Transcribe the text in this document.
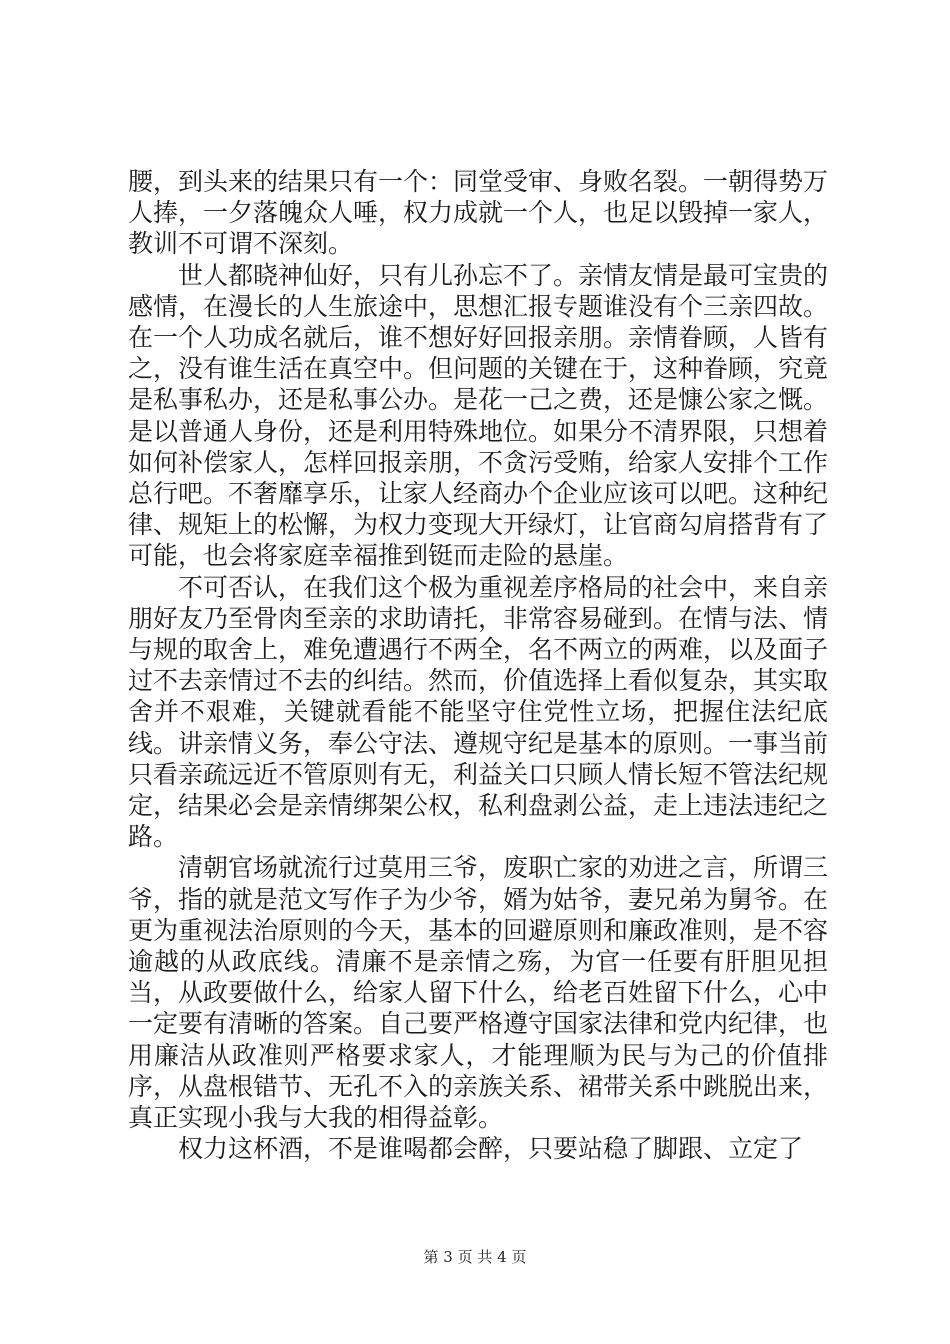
腰，到头来的结果只有一个：同堂受审、身败名裂。一朝得势万人捧，一夕落魄众人唾，权力成就一个人，也足以毁掉一家人，教训不可谓不深刻。

世人都晓神仙好，只有儿孙忘不了。亲情友情是最可宝贵的感情，在漫长的人生旅途中，思想汇报专题谁没有个三亲四故。在一个人功成名就后，谁不想好好回报亲朋。亲情眷顾，人皆有之，没有谁生活在真空中。但问题的关键在于，这种眷顾，究竟是私事私办，还是私事公办。是花一己之费，还是慷公家之慨。是以普通人身份，还是利用特殊地位。如果分不清界限，只想着如何补偿家人，怎样回报亲朋，不贪污受贿，给家人安排个工作总行吧。不奢靡享乐，让家人经商办个企业应该可以吧。这种纪律、规矩上的松懈，为权力变现大开绿灯，让官商勾肩搭背有了可能，也会将家庭幸福推到铤而走险的悬崖。

不可否认，在我们这个极为重视差序格局的社会中，来自亲朋好友乃至骨肉至亲的求助请托，非常容易碰到。在情与法、情与规的取舍上，难免遭遇行不两全，名不两立的两难，以及面子过不去亲情过不去的纠结。然而，价值选择上看似复杂，其实取舍并不艰难，关键就看能不能坚守住党性立场，把握住法纪底线。讲亲情义务，奉公守法、遵规守纪是基本的原则。一事当前只看亲疏远近不管原则有无，利益关口只顾人情长短不管法纪规定，结果必会是亲情绑架公权，私利盘剥公益，走上违法违纪之路。

清朝官场就流行过莫用三爷，废职亡家的劝进之言，所谓三爷，指的就是范文写作子为少爷，婿为姑爷，妻兄弟为舅爷。在更为重视法治原则的今天，基本的回避原则和廉政准则，是不容逾越的从政底线。清廉不是亲情之殇，为官一任要有肝胆见担当，从政要做什么，给家人留下什么，给老百姓留下什么，心中一定要有清晰的答案。自己要严格遵守国家法律和党内纪律，也用廉洁从政准则严格要求家人，才能理顺为民与为己的价值排序，从盘根错节、无孔不入的亲族关系、裙带关系中跳脱出来，真正实现小我与大我的相得益彰。

权力这杯酒，不是谁喝都会醉，只要站稳了脚跟、立定了

第 3 页 共 4 页
